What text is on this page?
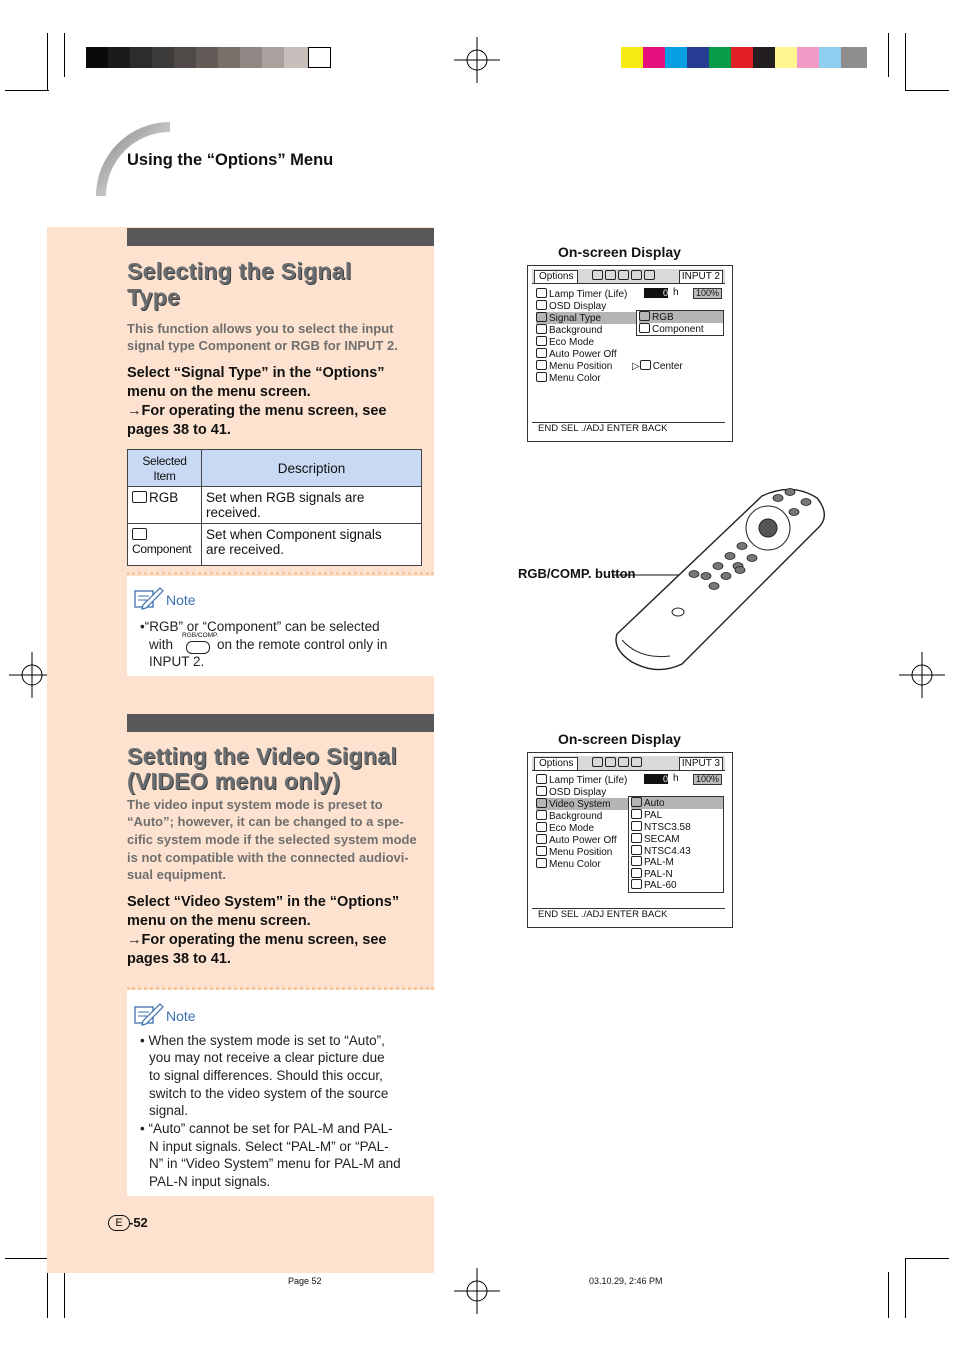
Using the “Options” Menu
Selecting the Signal
Type
This function allows you to select the input
signal type Component or RGB for INPUT 2.
Select “Signal Type” in the “Options”
menu on the menu screen.
→For operating the menu screen, see
pages 38 to 41.
Selected Item	Description
RGB	Set when RGB signals are
received.

Component	Set when Component signals
are received.
Note
•“RGB” or “Component” can be selected
with
RGB/COMP.
on the remote control only in
INPUT 2.
Setting the Video Signal
(VIDEO menu only)
The video input system mode is preset to
“Auto”; however, it can be changed to a spe-
cific system mode if the selected system mode
is not compatible with the connected audiovi-
sual equipment.
Select “Video System” in the “Options”
menu on the menu screen.
→For operating the menu screen, see
pages 38 to 41.
Note
• When the system mode is set to “Auto”,
you may not receive a clear picture due
to signal differences. Should this occur,
switch to the video system of the source
signal.
• “Auto” cannot be set for PAL-M and PAL-
N input signals. Select “PAL-M” or “PAL-
N” in “Video System” menu for PAL-M and
PAL-N input signals.
E -52
On-screen Display
Options	INPUT 2
Lamp Timer (Life)	0 h	100%
OSD Display
Signal Type
Background
Eco Mode
Auto Power Off
Menu Position ▷ Center
Menu Color
RGB
Component
END SEL ./ADJ ENTER BACK
RGB/COMP. button
On-screen Display
Options	INPUT 3
Lamp Timer (Life)	0 h	100%
OSD Display
Video System
Background
Eco Mode
Auto Power Off
Menu Position
Menu Color
Auto
PAL
NTSC3.58
SECAM
NTSC4.43
PAL-M
PAL-N
PAL-60
END SEL ./ADJ ENTER BACK
Page 52	03.10.29, 2:46 PM
